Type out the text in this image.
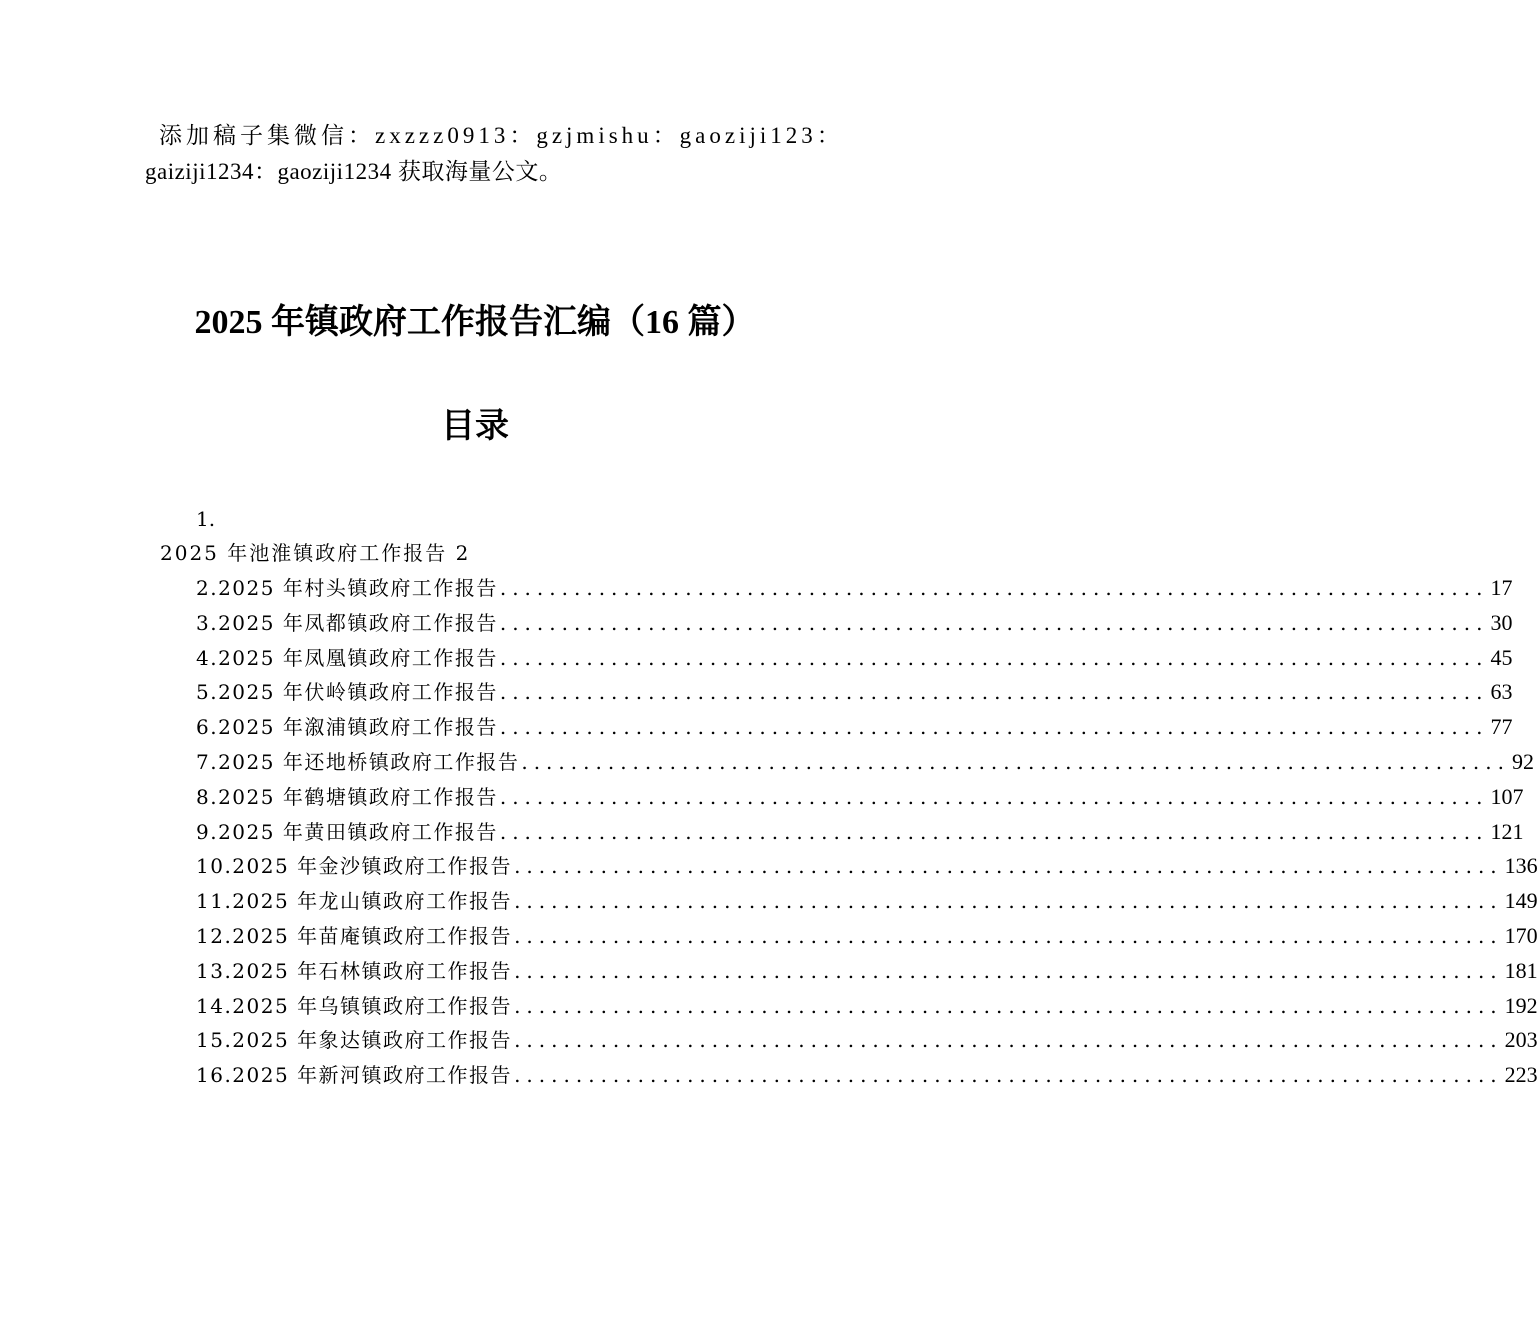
添加稿子集微信：zxzzz0913：gzjmishu：gaoziji123：
gaiziji1234：gaoziji1234 获取海量公文。
2025 年镇政府工作报告汇编（16 篇）
目录
1.
2025 年池淮镇政府工作报告 2
2.2025 年村头镇政府工作报告 ................................................................................ 17
3.2025 年凤都镇政府工作报告 ................................................................................ 30
4.2025 年凤凰镇政府工作报告 ................................................................................ 45
5.2025 年伏岭镇政府工作报告 ................................................................................ 63
6.2025 年溆浦镇政府工作报告 ................................................................................ 77
7.2025 年还地桥镇政府工作报告 ................................................................................ 92
8.2025 年鹤塘镇政府工作报告 ................................................................................ 107
9.2025 年黄田镇政府工作报告 ................................................................................ 121
10.2025 年金沙镇政府工作报告 ................................................................................ 136
11.2025 年龙山镇政府工作报告 ................................................................................ 149
12.2025 年苗庵镇政府工作报告 ................................................................................ 170
13.2025 年石林镇政府工作报告 ................................................................................ 181
14.2025 年乌镇镇政府工作报告 ................................................................................ 192
15.2025 年象达镇政府工作报告 ................................................................................ 203
16.2025 年新河镇政府工作报告 ................................................................................ 223
